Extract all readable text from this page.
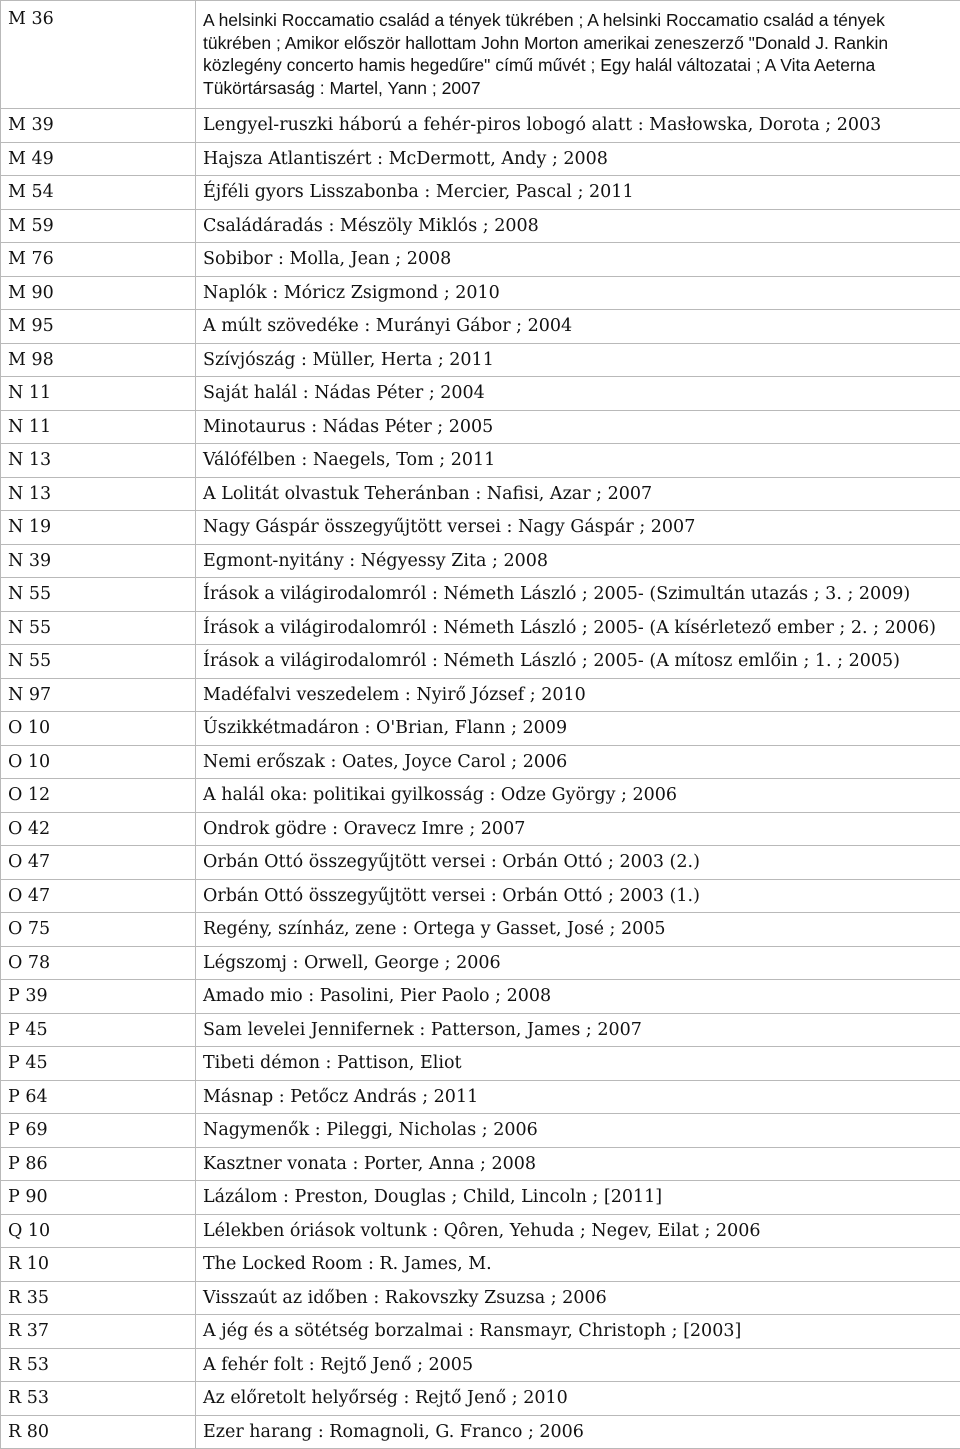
M 36	A helsinki Roccamatio család a tények tükrében ; A helsinki Roccamatio család a tények tükrében ; Amikor először hallottam John Morton amerikai zeneszerző "Donald J. Rankin közlegény concerto hamis hegedűre" című művét ; Egy halál változatai ; A Vita Aeterna Tükörtársaság : Martel, Yann ; 2007
M 39	Lengyel-ruszki háború a fehér-piros lobogó alatt : Masłowska, Dorota ; 2003
M 49	Hajsza Atlantiszért : McDermott, Andy ; 2008
M 54	Éjféli gyors Lisszabonba : Mercier, Pascal ; 2011
M 59	Családáradás : Mészöly Miklós ; 2008
M 76	Sobibor : Molla, Jean ; 2008
M 90	Naplók : Móricz Zsigmond ; 2010
M 95	A múlt szövedéke : Murányi Gábor ; 2004
M 98	Szívjószág : Müller, Herta ; 2011
N 11	Saját halál : Nádas Péter ; 2004
N 11	Minotaurus : Nádas Péter ; 2005
N 13	Válófélben : Naegels, Tom ; 2011
N 13	A Lolitát olvastuk Teheránban : Nafisi, Azar ; 2007
N 19	Nagy Gáspár összegyűjtött versei : Nagy Gáspár ; 2007
N 39	Egmont-nyitány : Négyessy Zita ; 2008
N 55	Írások a világirodalomról : Németh László ; 2005- (Szimultán utazás ; 3. ; 2009)
N 55	Írások a világirodalomról : Németh László ; 2005- (A kísérletező ember ; 2. ; 2006)
N 55	Írások a világirodalomról : Németh László ; 2005- (A mítosz emlőin ; 1. ; 2005)
N 97	Madéfalvi veszedelem : Nyirő József ; 2010
O 10	Úszikkétmadáron : O'Brian, Flann ; 2009
O 10	Nemi erőszak : Oates, Joyce Carol ; 2006
O 12	A halál oka: politikai gyilkosság : Odze György ; 2006
O 42	Ondrok gödre : Oravecz Imre ; 2007
O 47	Orbán Ottó összegyűjtött versei : Orbán Ottó ; 2003 (2.)
O 47	Orbán Ottó összegyűjtött versei : Orbán Ottó ; 2003 (1.)
O 75	Regény, színház, zene : Ortega y Gasset, José ; 2005
O 78	Légszomj : Orwell, George ; 2006
P 39	Amado mio : Pasolini, Pier Paolo ; 2008
P 45	Sam levelei Jennifernek : Patterson, James ; 2007
P 45	Tibeti démon : Pattison, Eliot
P 64	Másnap : Petőcz András ; 2011
P 69	Nagymenők : Pileggi, Nicholas ; 2006
P 86	Kasztner vonata : Porter, Anna ; 2008
P 90	Lázálom : Preston, Douglas ; Child, Lincoln ; [2011]
Q 10	Lélekben óriások voltunk : Qôren, Yehuda ; Negev, Eilat ; 2006
R 10	The Locked Room : R. James, M.
R 35	Visszaút az időben : Rakovszky Zsuzsa ; 2006
R 37	A jég és a sötétség borzalmai : Ransmayr, Christoph ; [2003]
R 53	A fehér folt : Rejtő Jenő ; 2005
R 53	Az előretolt helyőrség : Rejtő Jenő ; 2010
R 80	Ezer harang : Romagnoli, G. Franco ; 2006
